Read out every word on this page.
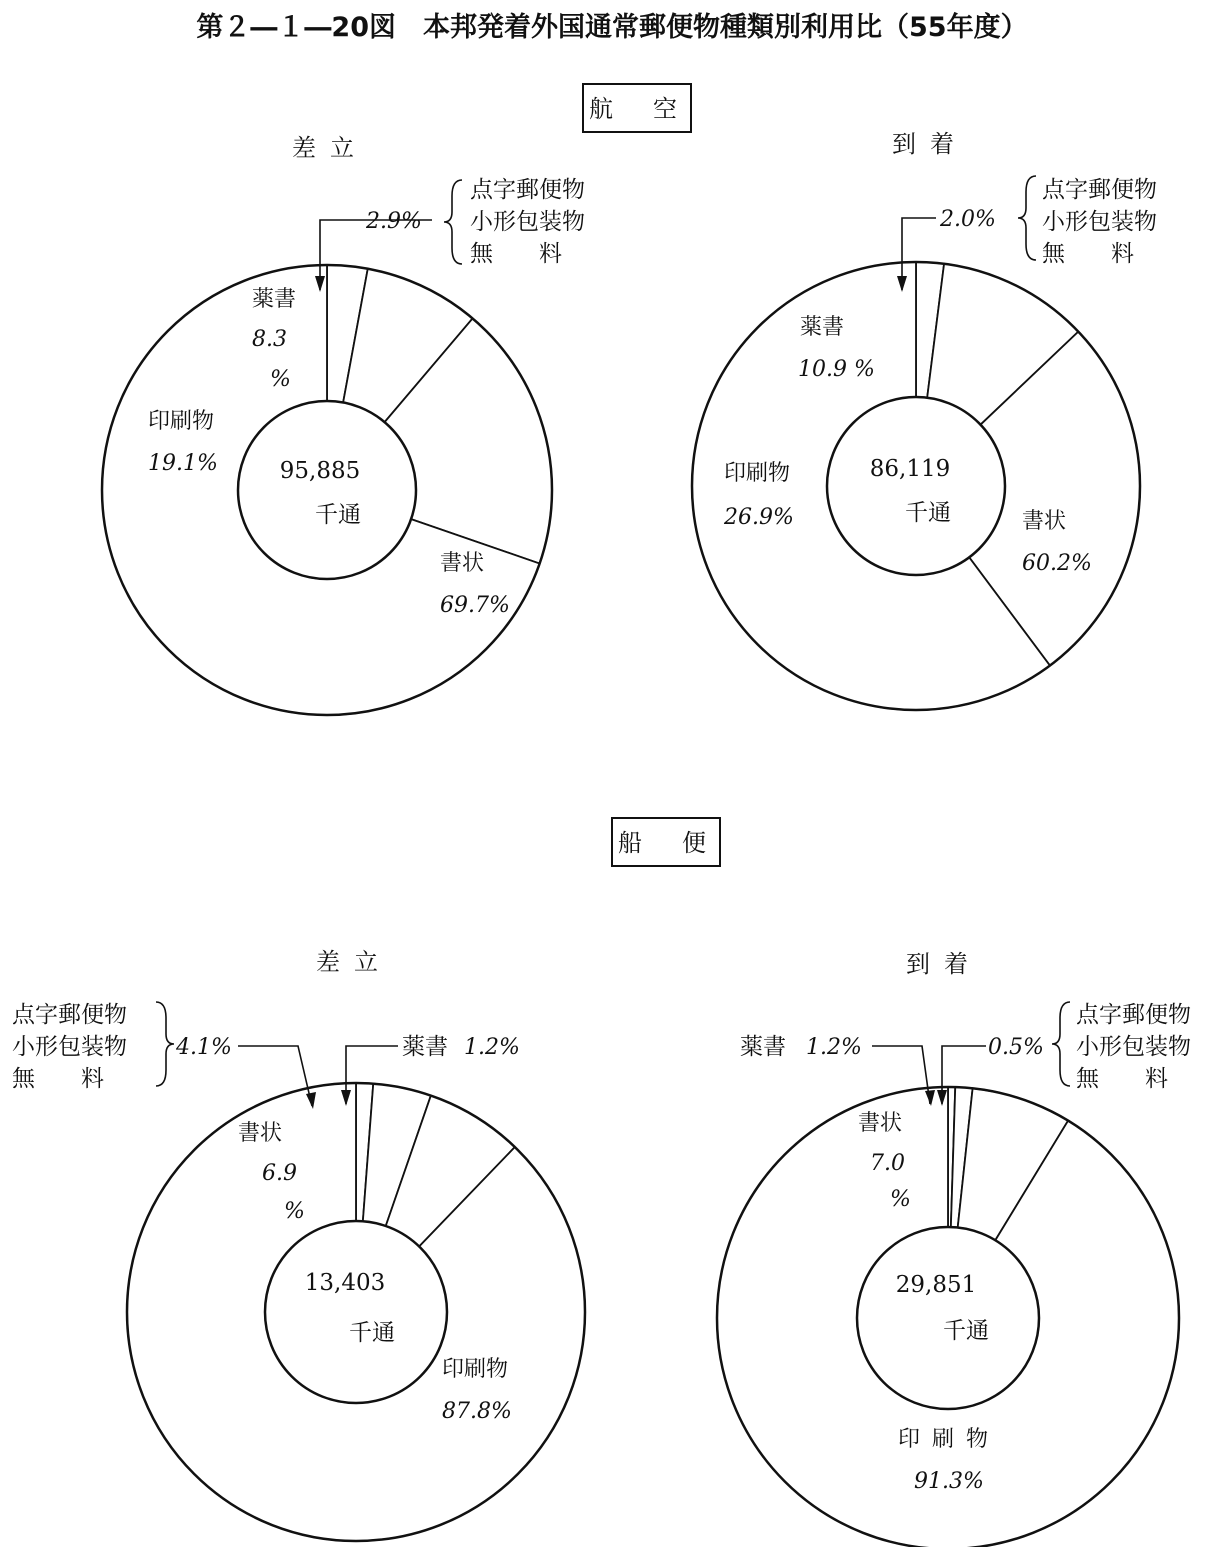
第２―１―20図　本邦発着外国通常郵便物種類別利用比（55年度）
航　空
船　便
差立
95,885
千通
書状
69.7%
印刷物
19.1%
薬書
8.3
%
2.9%
点字郵便物
小形包装物
無　　料
到着
86,119
千通	書状
60.2%
印刷物
26.9%
薬書
10.9 %
2.0%
点字郵便物
小形包装物
無　　料
差立
13,403
千通
印刷物
87.8%
書状
6.9
%
4.1%
点字郵便物
小形包装物
無　　料
薬書 1.2%
到着
29,851
千通
印刷物
91.3%
書状
7.0
%
薬書 1.2%	0.5%
点字郵便物
小形包装物
無　　料
